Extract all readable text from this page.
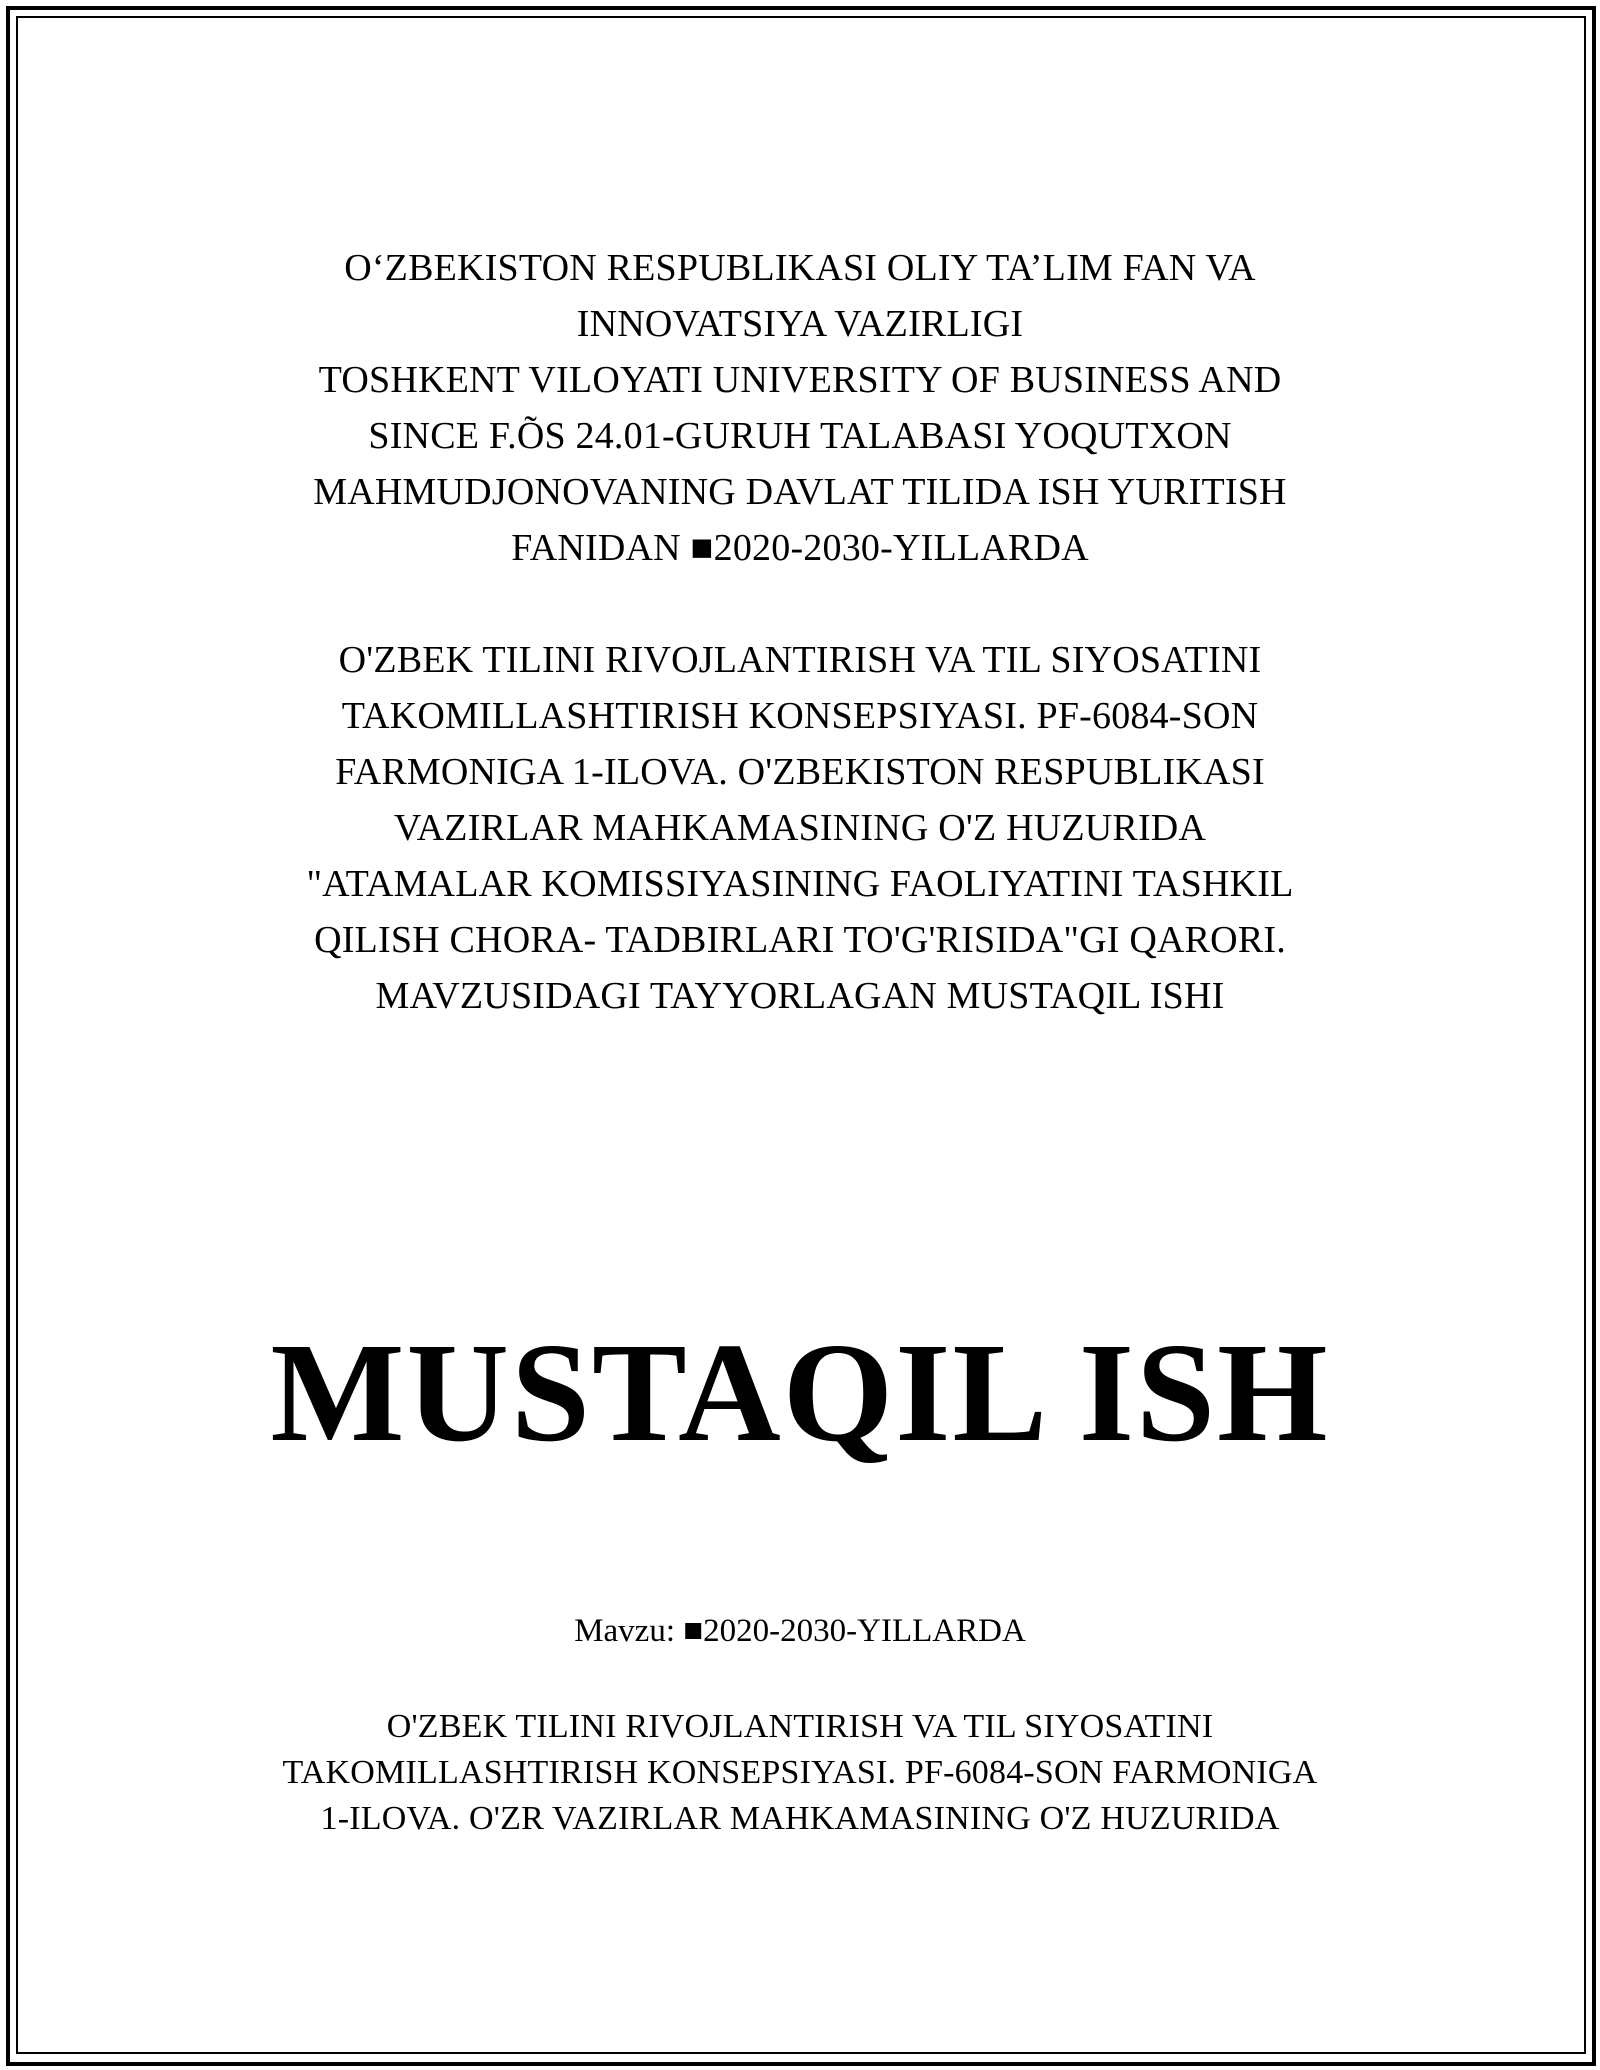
O‘ZBEKISTON RESPUBLIKASI OLIY TA’LIM FAN VA
INNOVATSIYA VAZIRLIGI
TOSHKENT VILOYATI UNIVERSITY OF BUSINESS AND
SINCE F.ÕS 24.01-GURUH TALABASI YOQUTXON
MAHMUDJONOVANING DAVLAT TILIDA ISH YURITISH
FANIDAN ■2020-2030-YILLARDA

O'ZBEK TILINI RIVOJLANTIRISH VA TIL SIYOSATINI
TAKOMILLASHTIRISH KONSEPSIYASI. PF-6084-SON
FARMONIGA 1-ILOVA. O'ZBEKISTON RESPUBLIKASI
VAZIRLAR MAHKAMASINING O'Z HUZURIDA
"ATAMALAR KOMISSIYASINING FAOLIYATINI TASHKIL
QILISH CHORA- TADBIRLARI TO'G'RISIDA"GI QARORI.
MAVZUSIDAGI TAYYORLAGAN MUSTAQIL ISHI

MUSTAQIL ISH
Mavzu: ■2020-2030-YILLARDA

O'ZBEK TILINI RIVOJLANTIRISH VA TIL SIYOSATINI
TAKOMILLASHTIRISH KONSEPSIYASI. PF-6084-SON FARMONIGA
1-ILOVA. O'ZR VAZIRLAR MAHKAMASINING O'Z HUZURIDA
